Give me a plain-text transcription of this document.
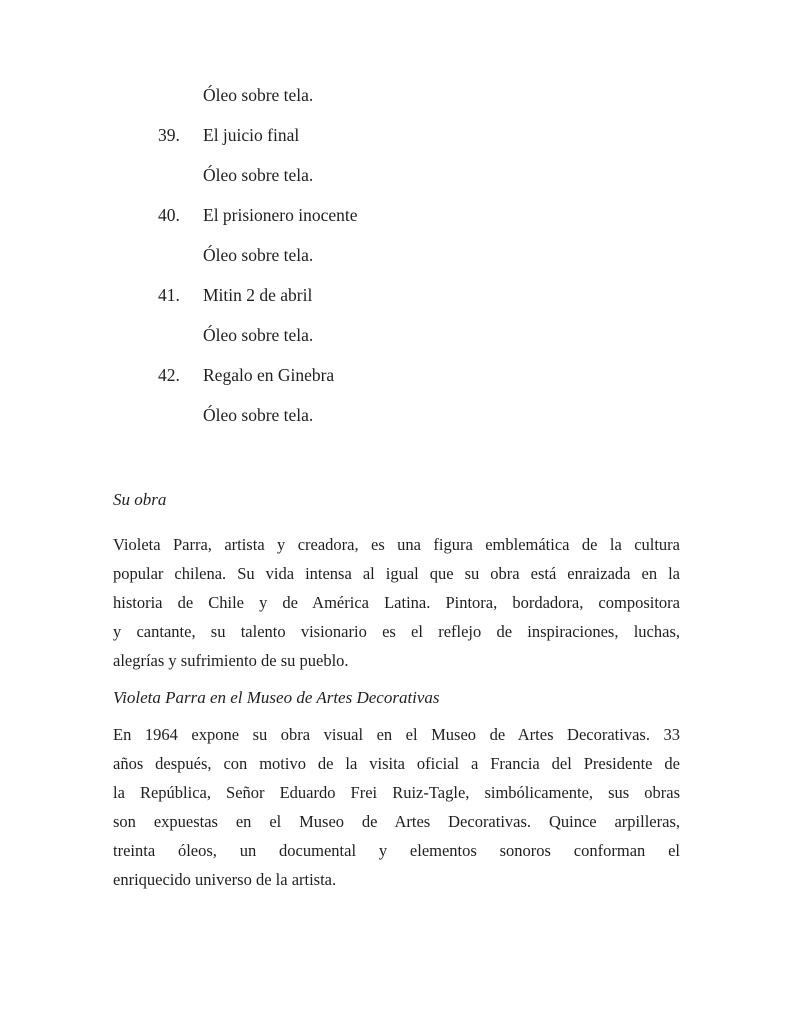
Óleo sobre tela.
39.	El juicio final
Óleo sobre tela.
40.	El prisionero inocente
Óleo sobre tela.
41.	Mitin 2 de abril
Óleo sobre tela.
42.	Regalo en Ginebra
Óleo sobre tela.
Su obra

Violeta Parra, artista y creadora, es una figura emblemática de la cultura
popular chilena. Su vida intensa al igual que su obra está enraizada en la
historia de Chile y de América Latina. Pintora, bordadora, compositora
y cantante, su talento visionario es el reflejo de inspiraciones, luchas,
alegrías y sufrimiento de su pueblo.

Violeta Parra en el Museo de Artes Decorativas

En 1964 expone su obra visual en el Museo de Artes Decorativas. 33
años después, con motivo de la visita oficial a Francia del Presidente de
la República, Señor Eduardo Frei Ruiz-Tagle, simbólicamente, sus obras
son expuestas en el Museo de Artes Decorativas. Quince arpilleras,
treinta óleos, un documental y elementos sonoros conforman el
enriquecido universo de la artista.
